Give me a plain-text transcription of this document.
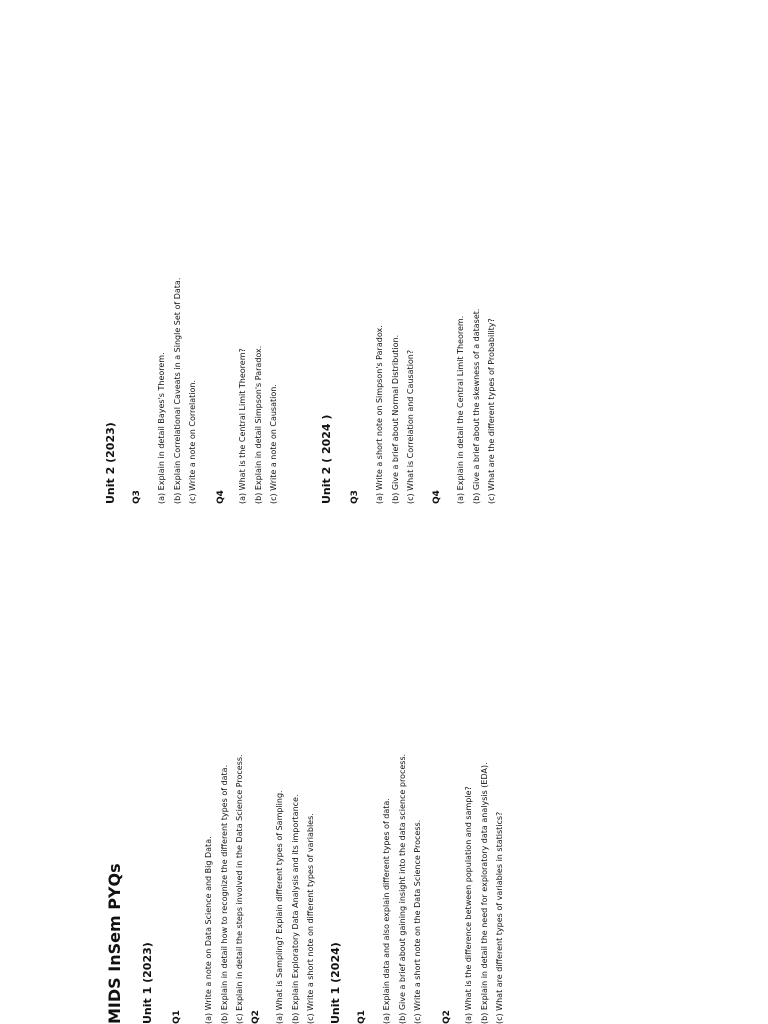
MIDS InSem PYQs Unit 1 (2023) Q1	(a) Write a note on Data Science and Big Data. (b) Explain in detail how to recognize the different types of data. (c) Explain in detail the steps involved in the Data Science Process. Q2	(a) What is Sampling? Explain different types of Sampling. (b) Explain Exploratory Data Analysis and its importance. (c) Write a short note on different types of variables.	Unit 1 (2024) Q1	(a) Explain data and also explain different types of data. (b) Give a brief about gaining insight into the data science process. (c) Write a short note on the Data Science Process.	Q2	(a) What is the difference between population and sample? (b) Explain in detail the need for exploratory data analysis (EDA). (c) What are different types of variables in statistics?
Unit 2 (2023) Q3	(a) Explain in detail Bayes's Theorem. (b) Explain Correlational Caveats in a Single Set of Data. (c) Write a note on Correlation.	Q4	(a) What is the Central Limit Theorem? (b) Explain in detail Simpson's Paradox. (c) Write a note on Causation.	Unit 2 ( 2024 ) Q3	(a) Write a short note on Simpson's Paradox. (b) Give a brief about Normal Distribution. (c) What is Correlation and Causation?	Q4	(a) Explain in detail the Central Limit Theorem. (b) Give a brief about the skewness of a dataset. (c) What are the different types of Probability?
